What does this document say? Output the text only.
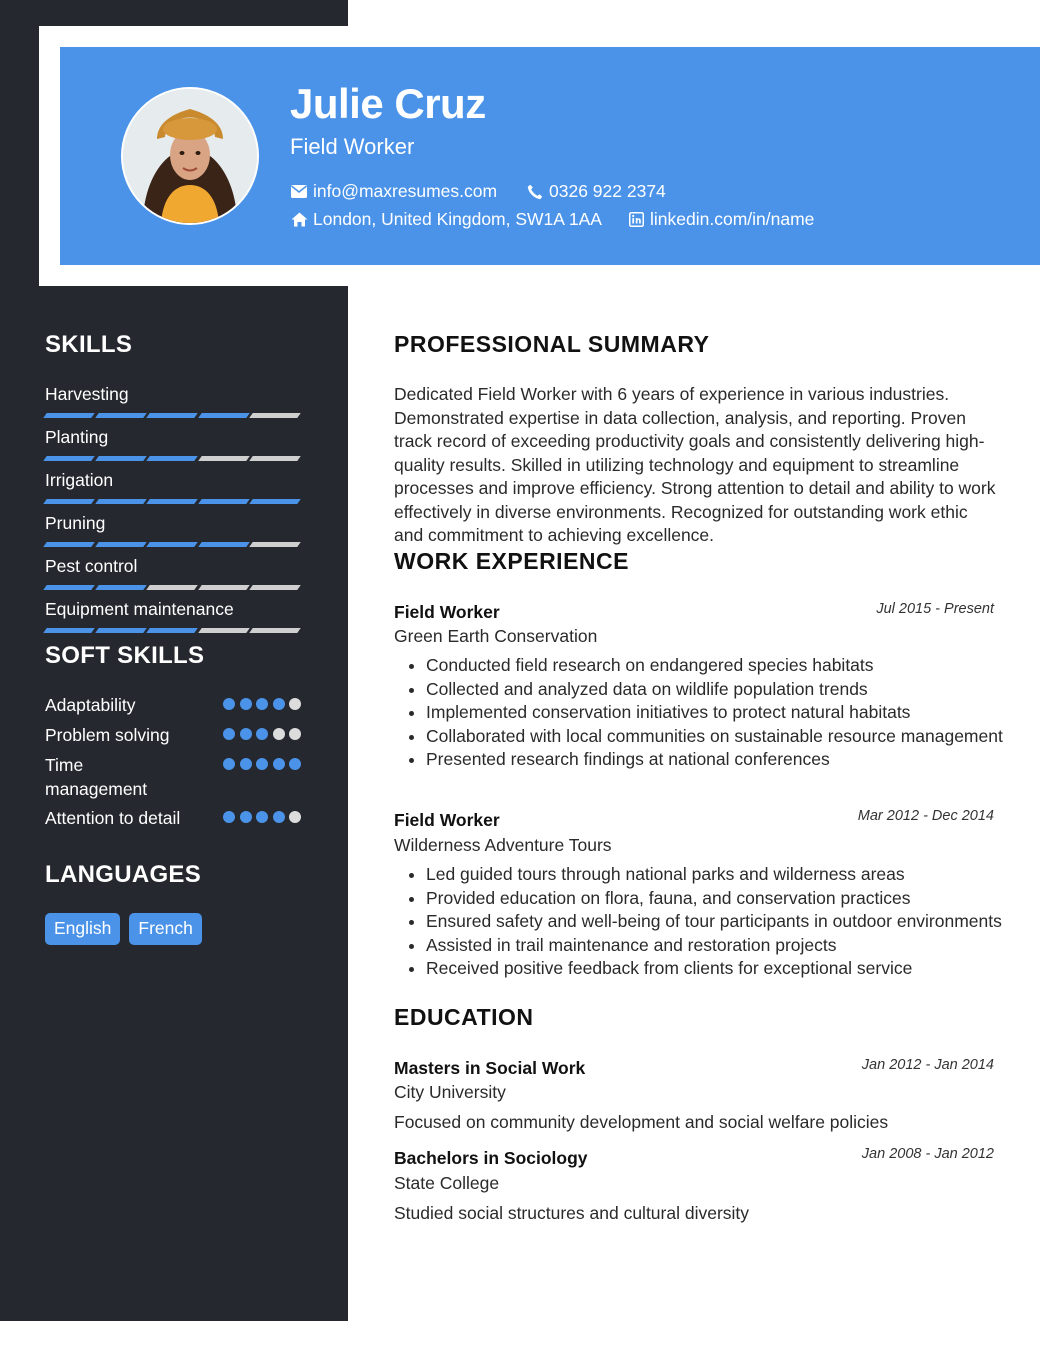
Julie Cruz
Field Worker
info@maxresumes.com	0326 922 2374
London, United Kingdom, SW1A 1AA	linkedin.com/in/name
SKILLS
Harvesting
Planting
Irrigation
Pruning
Pest control
Equipment maintenance
SOFT SKILLS
Adaptability
Problem solving
Time management
Attention to detail
LANGUAGES
English	French
PROFESSIONAL SUMMARY

Dedicated Field Worker with 6 years of experience in various industries. Demonstrated expertise in data collection, analysis, and reporting. Proven track record of exceeding productivity goals and consistently delivering high-quality results. Skilled in utilizing technology and equipment to streamline processes and improve efficiency. Strong attention to detail and ability to work effectively in diverse environments. Recognized for outstanding work ethic and commitment to achieving excellence.

WORK EXPERIENCE
Field Worker	Jul 2015 - Present
Green Earth Conservation
• Conducted field research on endangered species habitats
• Collected and analyzed data on wildlife population trends
• Implemented conservation initiatives to protect natural habitats
• Collaborated with local communities on sustainable resource management
• Presented research findings at national conferences
Field Worker	Mar 2012 - Dec 2014
Wilderness Adventure Tours
• Led guided tours through national parks and wilderness areas
• Provided education on flora, fauna, and conservation practices
• Ensured safety and well-being of tour participants in outdoor environments
• Assisted in trail maintenance and restoration projects
• Received positive feedback from clients for exceptional service
EDUCATION
Masters in Social Work	Jan 2012 - Jan 2014
City University
Focused on community development and social welfare policies
Bachelors in Sociology	Jan 2008 - Jan 2012
State College
Studied social structures and cultural diversity
